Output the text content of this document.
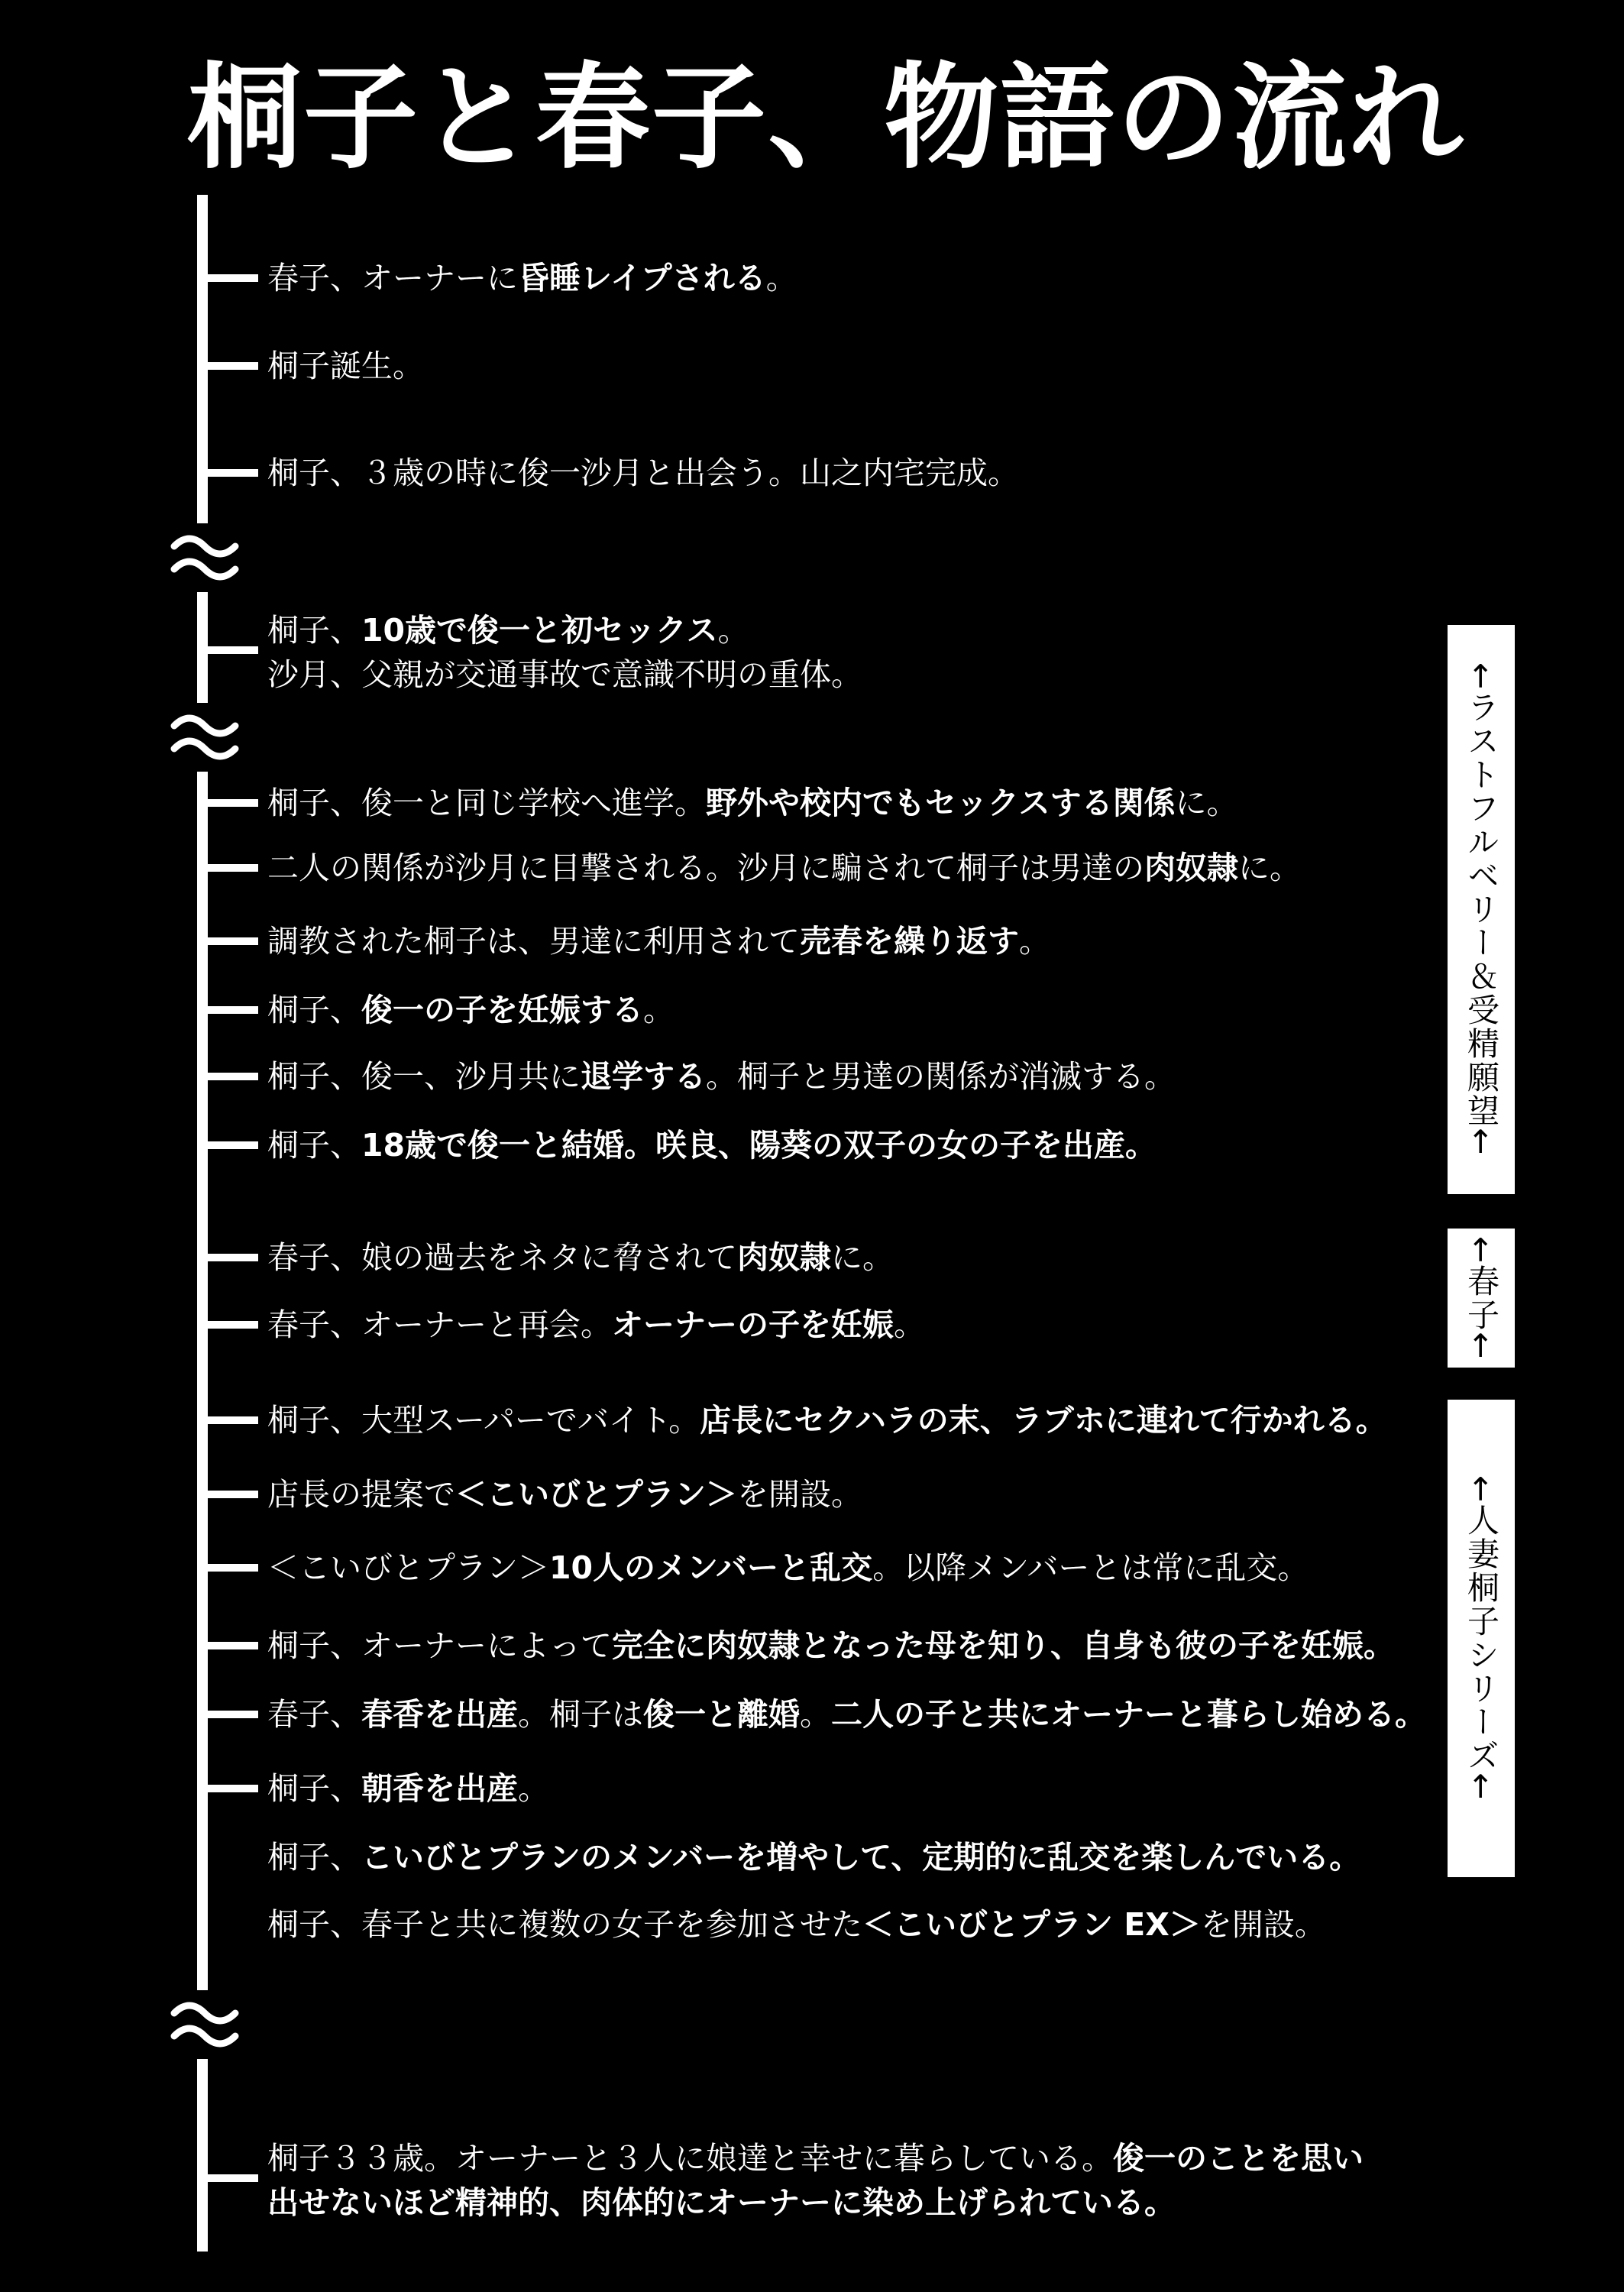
桐子と春子、物語の流れ
春子、オーナーに昏睡レイプされる。
桐子誕生。
桐子、３歳の時に俊一沙月と出会う。山之内宅完成。
桐子、10歳で俊一と初セックス。
沙月、父親が交通事故で意識不明の重体。
桐子、俊一と同じ学校へ進学。野外や校内でもセックスする関係に。
二人の関係が沙月に目撃される。沙月に騙されて桐子は男達の肉奴隷に。
調教された桐子は、男達に利用されて売春を繰り返す。
桐子、俊一の子を妊娠する。
桐子、俊一、沙月共に退学する。桐子と男達の関係が消滅する。
桐子、18歳で俊一と結婚。咲良、陽葵の双子の女の子を出産。
春子、娘の過去をネタに脅されて肉奴隷に。
春子、オーナーと再会。オーナーの子を妊娠。
桐子、大型スーパーでバイト。店長にセクハラの末、ラブホに連れて行かれる。
店長の提案で＜こいびとプラン＞を開設。
＜こいびとプラン＞10人のメンバーと乱交。以降メンバーとは常に乱交。
桐子、オーナーによって完全に肉奴隷となった母を知り、自身も彼の子を妊娠。
春子、春香を出産。桐子は俊一と離婚。二人の子と共にオーナーと暮らし始める。
桐子、朝香を出産。
桐子、こいびとプランのメンバーを増やして、定期的に乱交を楽しんでいる。
桐子、春子と共に複数の女子を参加させた＜こいびとプラン EX＞を開設。
桐子３３歳。オーナーと３人に娘達と幸せに暮らしている。俊一のことを思い
出せないほど精神的、肉体的にオーナーに染め上げられている。
←ラストフルベリー＆受精願望←
←春子←
←人妻桐子シリーズ←
